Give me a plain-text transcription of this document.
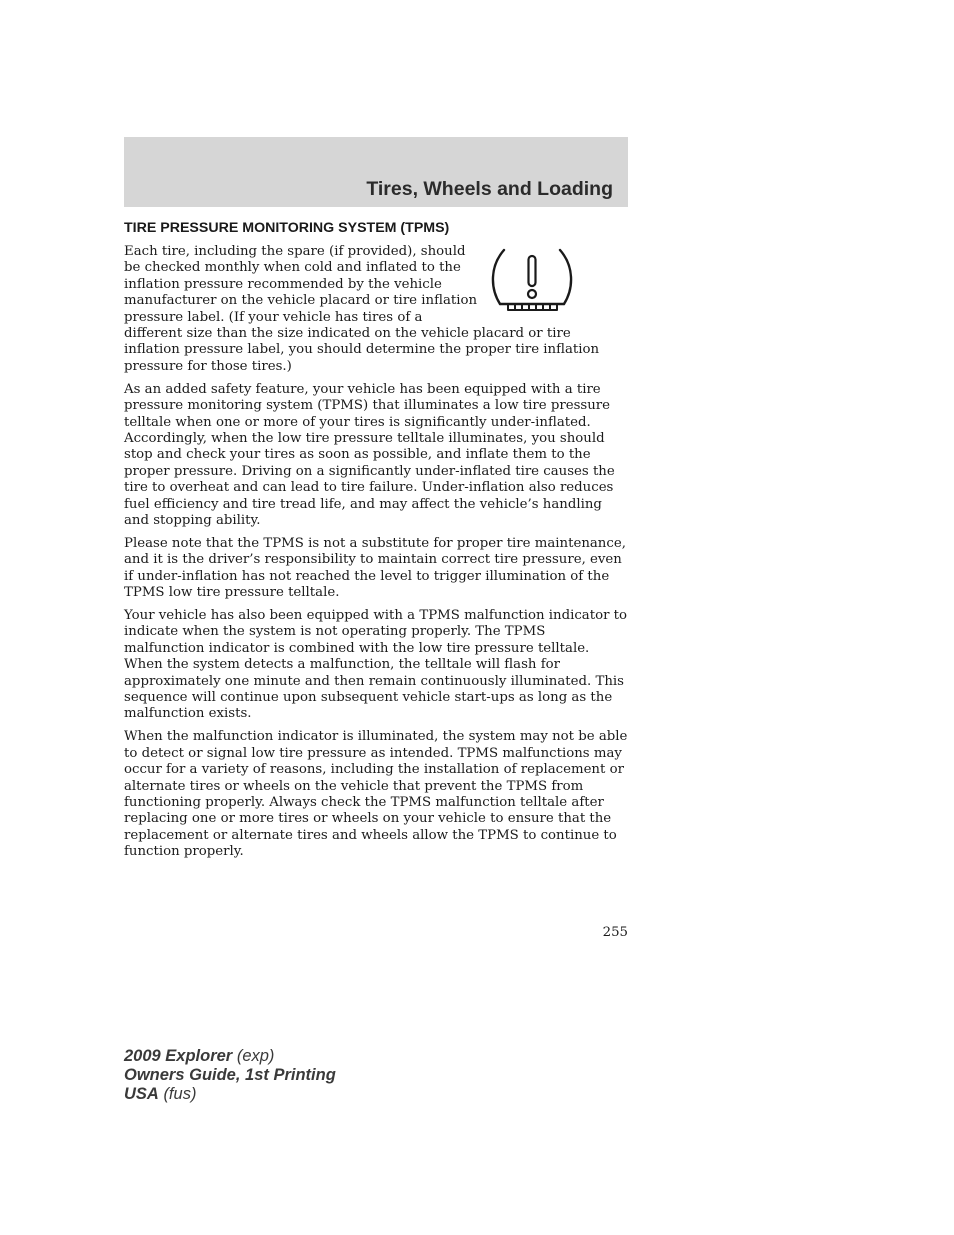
Tires, Wheels and Loading
TIRE PRESSURE MONITORING SYSTEM (TPMS)

Each tire, including the spare (if provided), should be checked monthly when cold and inflated to the inflation pressure recommended by the vehicle manufacturer on the vehicle placard or tire inflation pressure label. (If your vehicle has tires of a different size than the size indicated on the vehicle placard or tire inflation pressure label, you should determine the proper tire inflation pressure for those tires.)

As an added safety feature, your vehicle has been equipped with a tire pressure monitoring system (TPMS) that illuminates a low tire pressure telltale when one or more of your tires is significantly under-inflated. Accordingly, when the low tire pressure telltale illuminates, you should stop and check your tires as soon as possible, and inflate them to the proper pressure. Driving on a significantly under-inflated tire causes the tire to overheat and can lead to tire failure. Under-inflation also reduces fuel efficiency and tire tread life, and may affect the vehicle’s handling and stopping ability.

Please note that the TPMS is not a substitute for proper tire maintenance, and it is the driver’s responsibility to maintain correct tire pressure, even if under-inflation has not reached the level to trigger illumination of the TPMS low tire pressure telltale.

Your vehicle has also been equipped with a TPMS malfunction indicator to indicate when the system is not operating properly. The TPMS malfunction indicator is combined with the low tire pressure telltale. When the system detects a malfunction, the telltale will flash for approximately one minute and then remain continuously illuminated. This sequence will continue upon subsequent vehicle start-ups as long as the malfunction exists.

When the malfunction indicator is illuminated, the system may not be able to detect or signal low tire pressure as intended. TPMS malfunctions may occur for a variety of reasons, including the installation of replacement or alternate tires or wheels on the vehicle that prevent the TPMS from functioning properly. Always check the TPMS malfunction telltale after replacing one or more tires or wheels on your vehicle to ensure that the replacement or alternate tires and wheels allow the TPMS to continue to function properly.

255
2009 Explorer (exp)
Owners Guide, 1st Printing
USA (fus)
